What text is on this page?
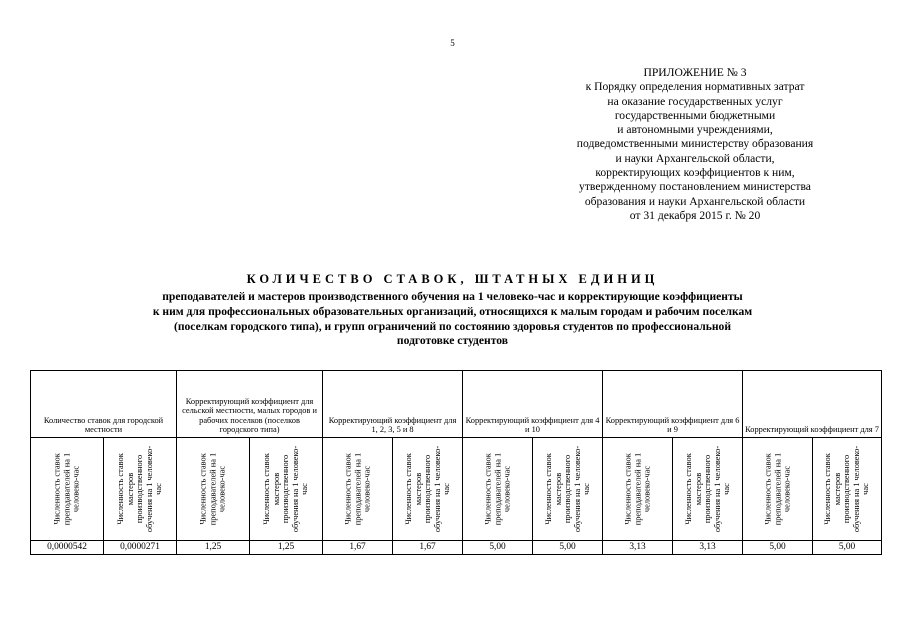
5
ПРИЛОЖЕНИЕ № 3
к Порядку определения нормативных затрат
на оказание государственных услуг
государственными бюджетными
и автономными учреждениями,
подведомственными министерству образования
и науки Архангельской области,
корректирующих коэффициентов к ним,
утвержденному постановлением министерства
образования и науки Архангельской области
от 31 декабря 2015 г. № 20
КОЛИЧЕСТВО СТАВОК, ШТАТНЫХ ЕДИНИЦ
преподавателей и мастеров производственного обучения на 1 человеко-час и корректирующие коэффициенты
к ним для профессиональных образовательных организаций, относящихся к малым городам и рабочим поселкам
(поселкам городского типа), и групп ограничений по состоянию здоровья студентов по профессиональной
подготовке студентов
Количество ставок для городской местности		Корректирующий коэффициент для сельской местности, малых городов и рабочих поселков (поселков городского типа)		Корректирующий коэффициент для 1, 2, 3, 5 и 8		Корректирующий коэффициент для 4 и 10		Корректирующий коэффициент для 6 и 9		Корректирующий коэффициент для 7	

Численность ставок преподавателей на 1 человеко-час	Численность ставок мастеров производственного обучения на 1 человеко-час	Численность ставок преподавателей на 1 человеко-час	Численность ставок мастеров производственного обучения на 1 человеко-час	Численность ставок преподавателей на 1 человеко-час	Численность ставок мастеров производственного обучения на 1 человеко-час	Численность ставок преподавателей на 1 человеко-час	Численность ставок мастеров производственного обучения на 1 человеко-час	Численность ставок преподавателей на 1 человеко-час	Численность ставок мастеров производственного обучения на 1 человеко-час	Численность ставок преподавателей на 1 человеко-час	Численность ставок мастеров производственного обучения на 1 человеко-час

0,0000542	0,0000271	1,25	1,25	1,67	1,67	5,00	5,00	3,13	3,13	5,00	5,00
